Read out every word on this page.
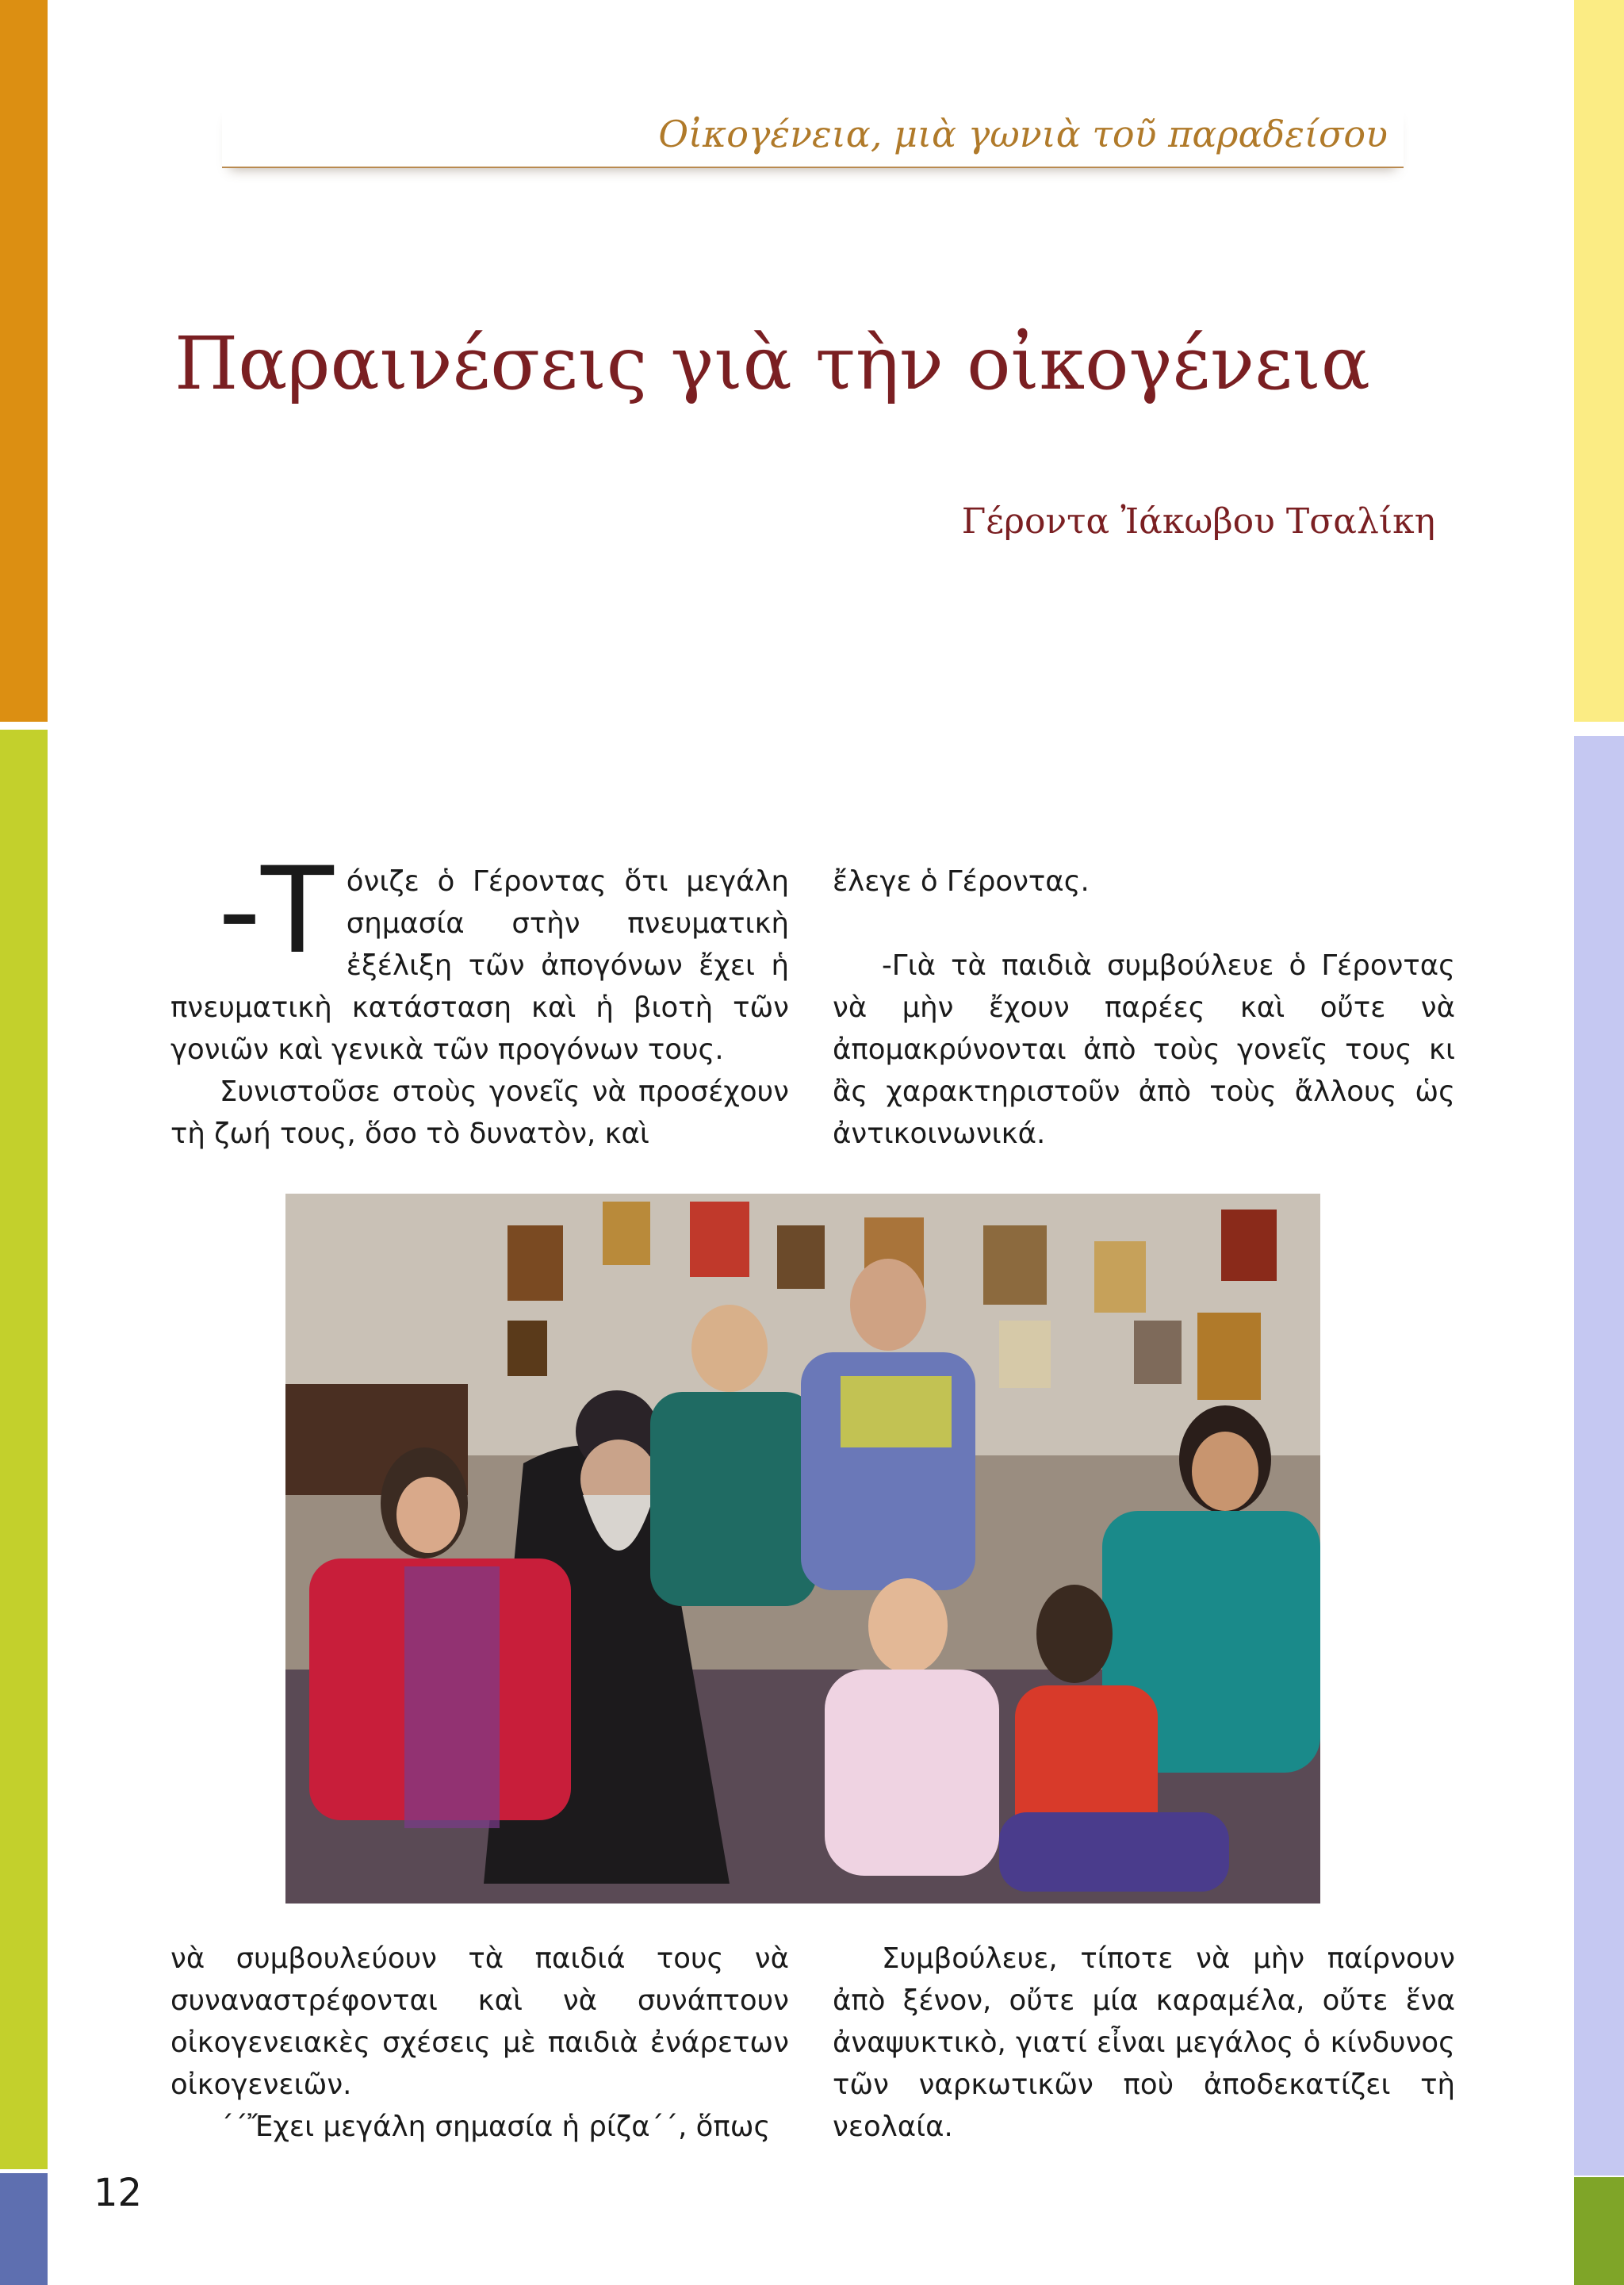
Οἰκογένεια, μιὰ γωνιὰ τοῦ παραδείσου
Παραινέσεις γιὰ τὴν οἰκογένεια
Γέροντα Ἰάκωβου Τσαλίκη
-Τ όνιζε ὁ Γέροντας ὅτι μεγάλη σημασία στὴν πνευματικὴ ἐξέλιξη τῶν ἀπογόνων ἔχει ἡ πνευματικὴ κατάσταση καὶ ἡ βιοτὴ τῶν γονιῶν καὶ γενικὰ τῶν προγόνων τους.

Συνιστοῦσε στοὺς γονεῖς νὰ προσέχουν τὴ ζωή τους, ὅσο τὸ δυνατὸν, καὶ

ἔλεγε ὁ Γέροντας.

-Γιὰ τὰ παιδιὰ συμβούλευε ὁ Γέροντας νὰ μὴν ἔχουν παρέες καὶ οὔτε νὰ ἀπομακρύνονται ἀπὸ τοὺς γονεῖς τους κι ἂς χαρακτηριστοῦν ἀπὸ τοὺς ἄλλους ὡς ἀντικοινωνικά.

νὰ συμβουλεύουν τὰ παιδιά τους νὰ συναναστρέφονται καὶ νὰ συνάπτουν οἰκογενειακὲς σχέσεις μὲ παιδιὰ ἐνάρετων οἰκογενειῶν.

΄΄Ἔχει μεγάλη σημασία ἡ ρίζα΄΄, ὅπως

Συμβούλευε, τίποτε νὰ μὴν παίρνουν ἀπὸ ξένον, οὔτε μία καραμέλα, οὔτε ἕνα ἀναψυκτικὸ, γιατί εἶναι μεγάλος ὁ κίνδυνος τῶν ναρκωτικῶν ποὺ ἀποδεκατίζει τὴ νεολαία.

12
